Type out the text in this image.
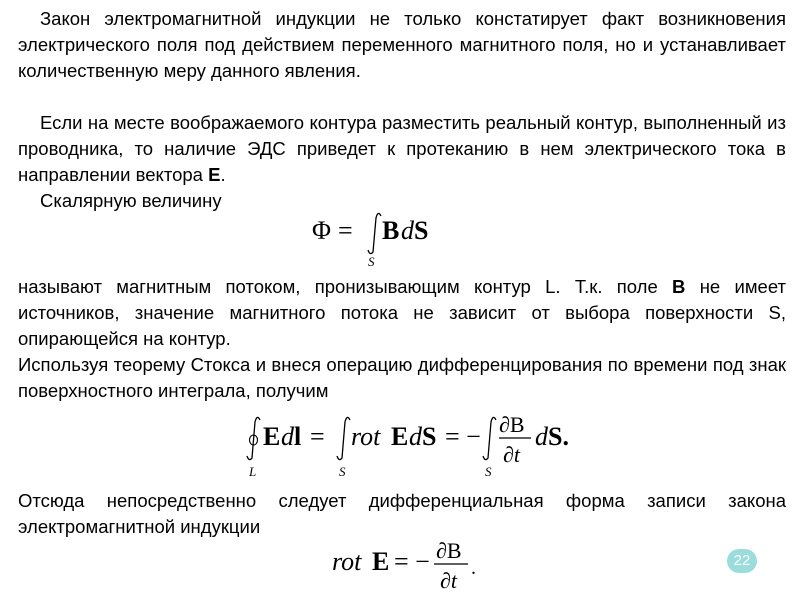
Закон электромагнитной индукции не только констатирует факт возникновения электрического поля под действием переменного магнитного поля, но и устанавливает количественную меру данного явления.

Если на месте воображаемого контура разместить реальный контур, выполненный из проводника, то наличие ЭДС приведет к протеканию в нем электрического тока в направлении вектора E.

Скалярную величину

Φ = B d S
S

называют магнитным потоком, пронизывающим контур L. Т.к. поле B не имеет источников, значение магнитного потока не зависит от выбора поверхности S, опирающейся на контур.

Используя теорему Стокса и внеся операцию дифференцирования по времени под знак поверхностного интеграла, получим

E d l
L
=
S
rot E d S = −
S
∂B
∂t
d S.

Отсюда непосредственно следует дифференциальная форма записи закона электромагнитной индукции

rot E = − ∂B
∂t .	22
